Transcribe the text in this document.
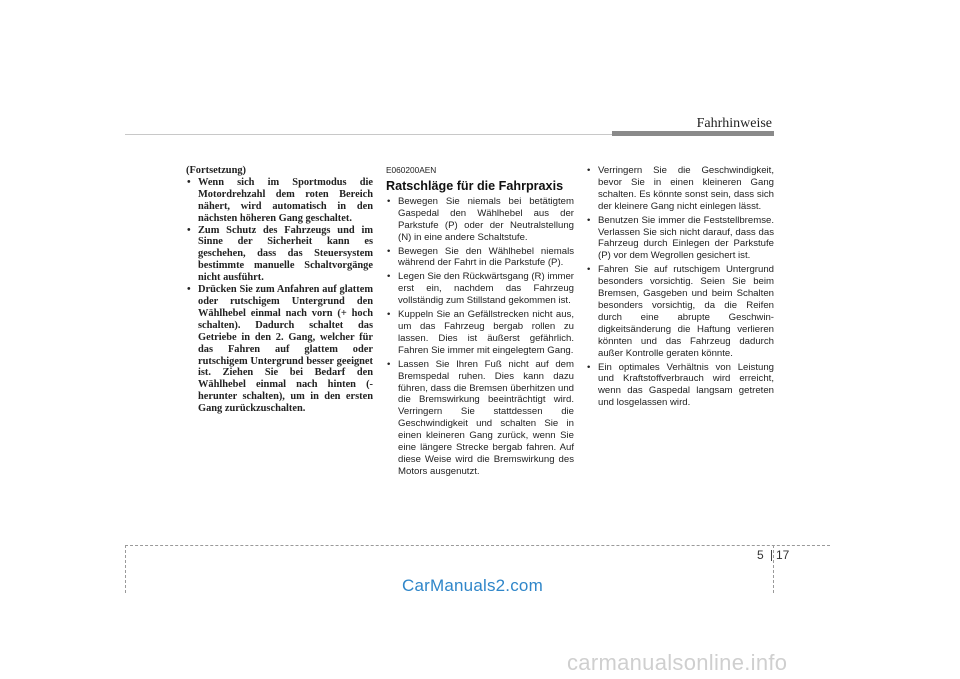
Fahrhinweise
(Fortsetzung)
• Wenn sich im Sportmodus die Motordrehzahl dem roten Bereich nähert, wird automatisch in den nächsten höheren Gang geschaltet.
• Zum Schutz des Fahrzeugs und im Sinne der Sicherheit kann es geschehen, dass das Steuersystem bestimmte manuelle Schaltvorgänge nicht ausführt.
• Drücken Sie zum Anfahren auf glattem oder rutschigem Untergrund den Wählhebel einmal nach vorn (+ hoch schalten). Dadurch schaltet das Getriebe in den 2. Gang, welcher für das Fahren auf glattem oder rutschigem Untergrund besser geeignet ist. Ziehen Sie bei Bedarf den Wählhebel einmal nach hinten (- herunter schalten), um in den ersten Gang zurückzuschalten.
E060200AEN
Ratschläge für die Fahrpraxis
• Bewegen Sie niemals bei betätigtem Gaspedal den Wählhebel aus der Parkstufe (P) oder der Neutralstellung (N) in eine andere Schaltstufe.
• Bewegen Sie den Wählhebel niemals während der Fahrt in die Parkstufe (P).
• Legen Sie den Rückwärtsgang (R) immer erst ein, nachdem das Fahrzeug vollständig zum Stillstand gekommen ist.
• Kuppeln Sie an Gefällstrecken nicht aus, um das Fahrzeug bergab rollen zu lassen. Dies ist äußerst gefährlich. Fahren Sie immer mit eingelegtem Gang.
• Lassen Sie Ihren Fuß nicht auf dem Bremspedal ruhen. Dies kann dazu führen, dass die Bremsen überhitzen und die Bremswirkung beeinträchtigt wird. Verringern Sie stattdessen die Geschwindigkeit und schalten Sie in einen kleineren Gang zurück, wenn Sie eine längere Strecke bergab fahren. Auf diese Weise wird die Bremswirkung des Motors ausgenutzt.
• Verringern Sie die Geschwindigkeit, bevor Sie in einen kleineren Gang schalten. Es könnte sonst sein, dass sich der kleinere Gang nicht einlegen lässt.
• Benutzen Sie immer die Feststellbremse. Verlassen Sie sich nicht darauf, dass das Fahrzeug durch Einlegen der Parkstufe (P) vor dem Wegrollen gesichert ist.
• Fahren Sie auf rutschigem Untergrund besonders vorsichtig. Seien Sie beim Bremsen, Gasgeben und beim Schalten besonders vorsichtig, da die Reifen durch eine abrupte Geschwin-digkeitsänderung die Haftung verlieren könnten und das Fahrzeug dadurch außer Kontrolle geraten könnte.
• Ein optimales Verhältnis von Leistung und Kraftstoffverbrauch wird erreicht, wenn das Gaspedal langsam getreten und losgelassen wird.
5 17
CarManuals2.com
carmanualsonline.info
